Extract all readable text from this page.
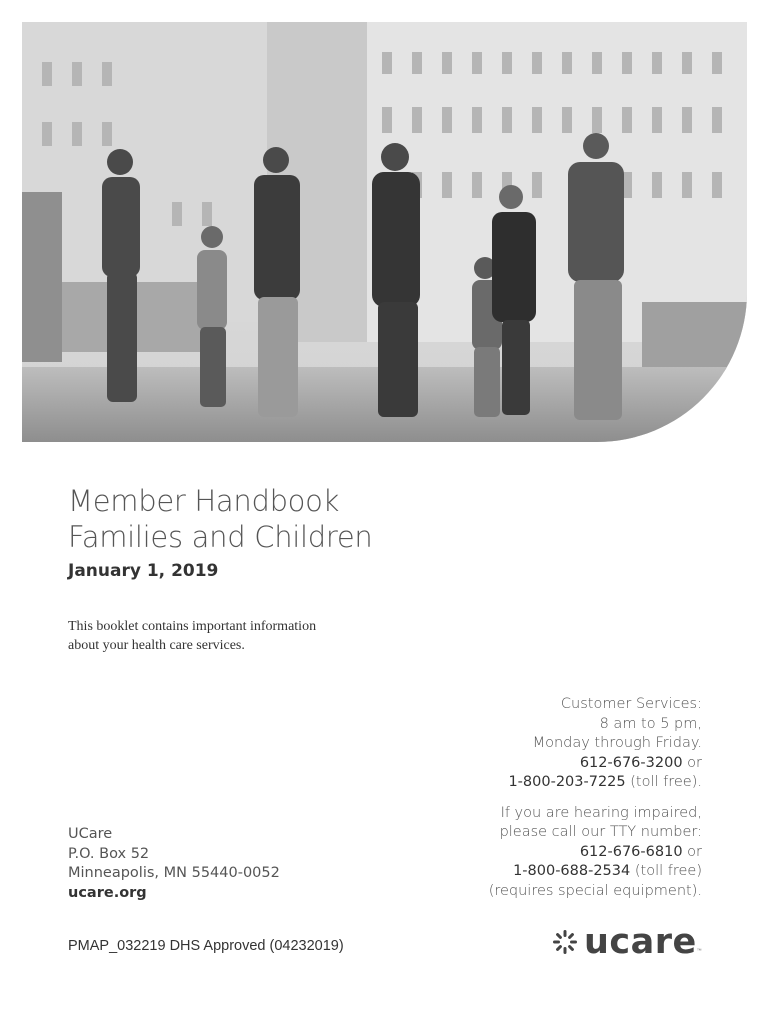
Member Handbook
Families and Children
January 1, 2019
This booklet contains important information
about your health care services.
Customer Services:
8 am to 5 pm,
Monday through Friday.
612-676-3200 or
1-800-203-7225 (toll free).
If you are hearing impaired,
please call our TTY number:
612-676-6810 or
1-800-688-2534 (toll free)
(requires special equipment).
UCare
P.O. Box 52
Minneapolis, MN 55440-0052
ucare.org
PMAP_032219 DHS Approved (04232019)	ucare ™
